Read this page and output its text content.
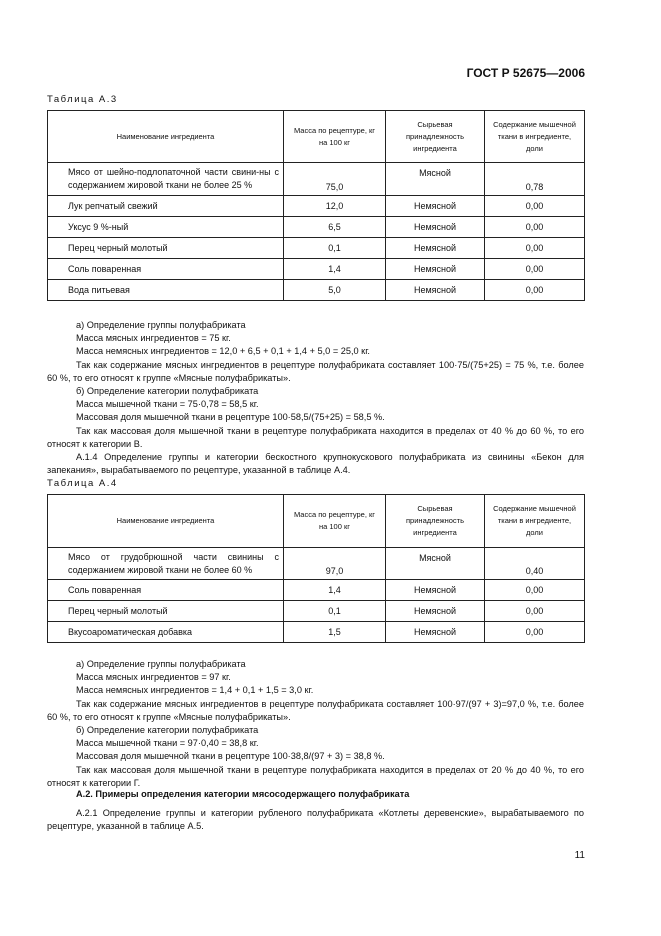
ГОСТ Р 52675—2006
Таблица А.3
Наименование ингредиента	Масса по рецептуре, кг на 100 кг	Сырьевая принадлежность ингредиента	Содержание мышечной ткани в ингредиенте, доли
Мясо от шейно-подлопаточной части свини-ны с содержанием жировой ткани не более 25 %	75,0	Мясной	0,78
Лук репчатый свежий	12,0	Немясной	0,00
Уксус 9 %-ный	6,5	Немясной	0,00
Перец черный молотый	0,1	Немясной	0,00
Соль поваренная	1,4	Немясной	0,00
Вода питьевая	5,0	Немясной	0,00

а) Определение группы полуфабриката

Масса мясных ингредиентов = 75 кг.

Масса немясных ингредиентов = 12,0 + 6,5 + 0,1 + 1,4 + 5,0 = 25,0 кг.

Так как содержание мясных ингредиентов в рецептуре полуфабриката составляет 100·75/(75+25) = 75 %, т.е. более 60 %, то его относят к группе «Мясные полуфабрикаты».

б) Определение категории полуфабриката

Масса мышечной ткани = 75·0,78 = 58,5 кг.

Массовая доля мышечной ткани в рецептуре 100·58,5/(75+25) = 58,5 %.

Так как массовая доля мышечной ткани в рецептуре полуфабриката находится в пределах от 40 % до 60 %, то его относят к категории В.

А.1.4 Определение группы и категории бескостного крупнокускового полуфабриката из свинины «Бекон для запекания», вырабатываемого по рецептуре, указанной в таблице А.4.

Таблица А.4
Наименование ингредиента	Масса по рецептуре, кг на 100 кг	Сырьевая принадлежность ингредиента	Содержание мышечной ткани в ингредиенте, доли
Мясо от грудобрюшной части свинины с содержанием жировой ткани не более 60 %	97,0	Мясной	0,40
Соль поваренная	1,4	Немясной	0,00
Перец черный молотый	0,1	Немясной	0,00
Вкусоароматическая добавка	1,5	Немясной	0,00

а) Определение группы полуфабриката

Масса мясных ингредиентов = 97 кг.

Масса немясных ингредиентов = 1,4 + 0,1 + 1,5 = 3,0 кг.

Так как содержание мясных ингредиентов в рецептуре полуфабриката составляет 100·97/(97 + 3)=97,0 %, т.е. более 60 %, то его относят к группе «Мясные полуфабрикаты».

б) Определение категории полуфабриката

Масса мышечной ткани = 97·0,40 = 38,8 кг.

Массовая доля мышечной ткани в рецептуре 100·38,8/(97 + 3) = 38,8 %.

Так как массовая доля мышечной ткани в рецептуре полуфабриката находится в пределах от 20 % до 40 %, то его относят к категории Г.

А.2. Примеры определения категории мясосодержащего полуфабриката

А.2.1 Определение группы и категории рубленого полуфабриката «Котлеты деревенские», вырабатываемого по рецептуре, указанной в таблице А.5.

11
